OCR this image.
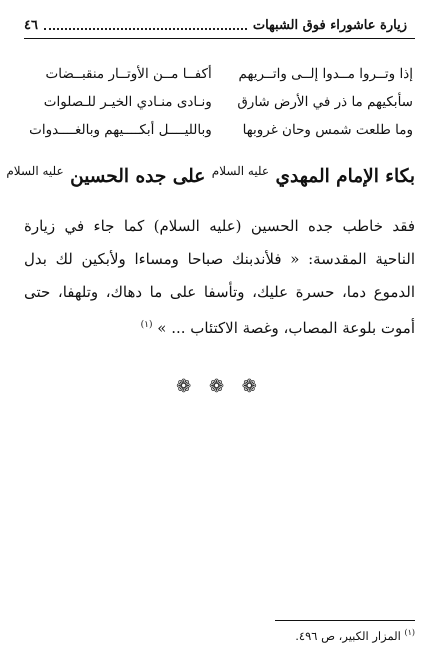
زيارة عاشوراء فوق الشبهات
٤٦
إذا وتــروا مــدوا إلــى واتــريهم
أكفــا مــن الأوتــار منقبــضات
سأبكيهم ما ذر في الأرض شارق
ونـادى منـادي الخيـر للـصلوات
وما طلعت شمس وحان غروبها
وبالليــــل أبكــــيهم وبالغــــدوات
بكاء الإمام المهدي $^{عليه السلام}$ على جده الحسين $^{عليه السلام}$

فقد خاطب جده الحسين (عليه السلام) كما جاء في زيارة الناحية المقدسة: « فلأندبنك صباحا ومساءا ولأبكين لك بدل الدموع دما، حسرة عليك، وتأسفا على ما دهاك، وتلهفا، حتى أموت بلوعة المصاب، وغصة الاكتئاب ... » $^{(١)}$

❁ ❁ ❁
$^{(١)}$ المزار الكبير، ص ٤٩٦.
